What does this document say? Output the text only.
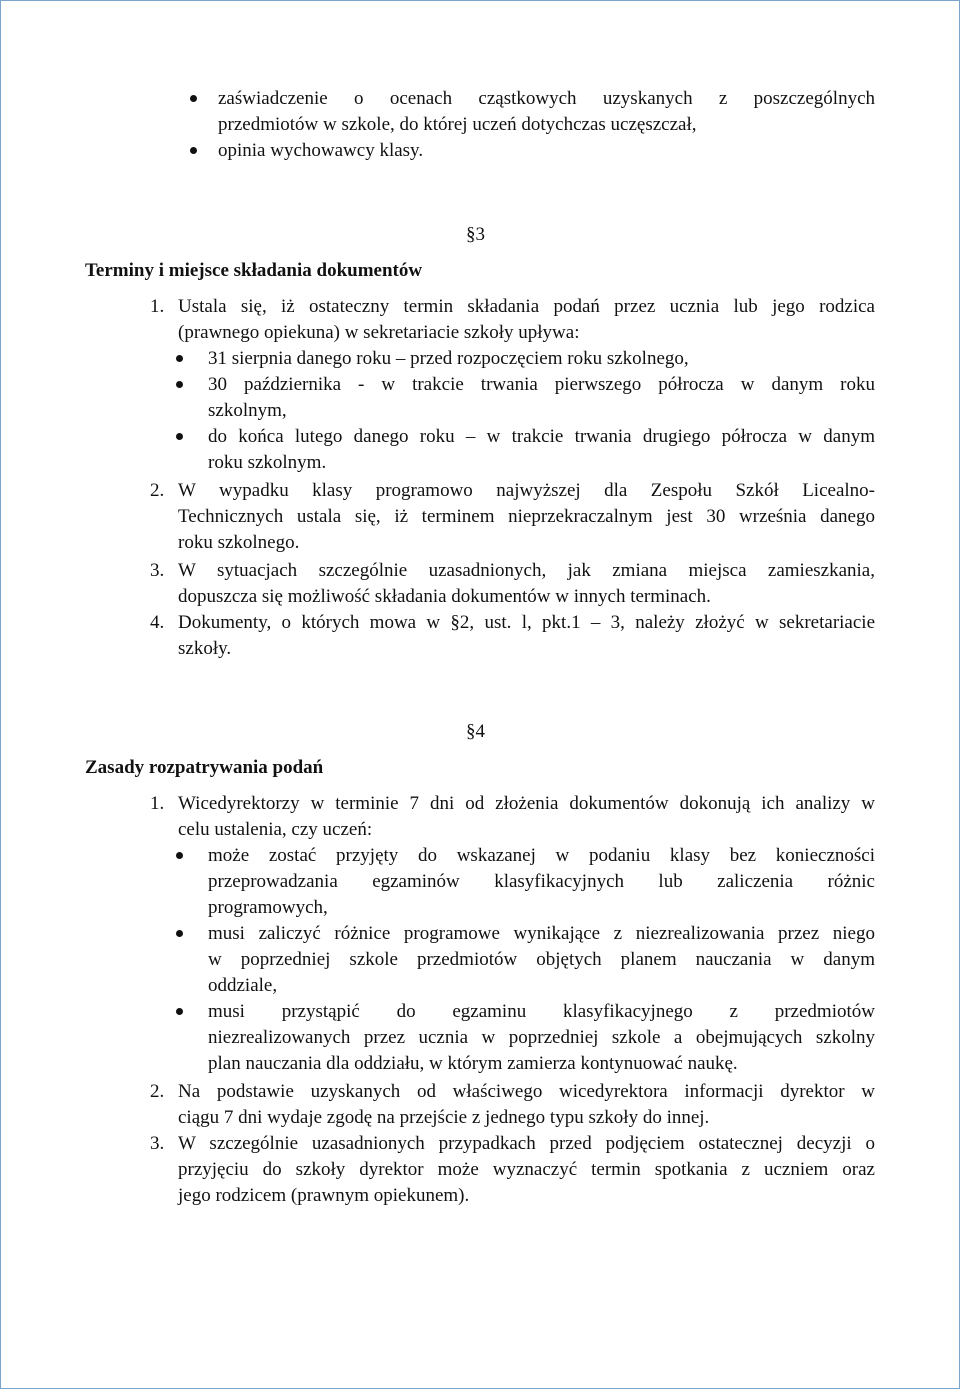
zaświadczenie o ocenach cząstkowych uzyskanych z poszczególnych
przedmiotów w szkole, do której uczeń dotychczas uczęszczał,
opinia wychowawcy klasy.
§3
Terminy i miejsce składania dokumentów
1. Ustala się, iż ostateczny termin składania podań przez ucznia lub jego rodzica
(prawnego opiekuna) w sekretariacie szkoły upływa:
31 sierpnia danego roku – przed rozpoczęciem roku szkolnego,
30 października - w trakcie trwania pierwszego półrocza w danym roku
szkolnym,
do końca lutego danego roku – w trakcie trwania drugiego półrocza w danym
roku szkolnym.
2. W wypadku klasy programowo najwyższej dla Zespołu Szkół Licealno-
Technicznych ustala się, iż terminem nieprzekraczalnym jest 30 września danego
roku szkolnego.
3. W sytuacjach szczególnie uzasadnionych, jak zmiana miejsca zamieszkania,
dopuszcza się możliwość składania dokumentów w innych terminach.
4. Dokumenty, o których mowa w §2, ust. l, pkt.1 – 3, należy złożyć w sekretariacie
szkoły.
§4
Zasady rozpatrywania podań
1. Wicedyrektorzy w terminie 7 dni od złożenia dokumentów dokonują ich analizy w
celu ustalenia, czy uczeń:
może zostać przyjęty do wskazanej w podaniu klasy bez konieczności
przeprowadzania egzaminów klasyfikacyjnych lub zaliczenia różnic
programowych,
musi zaliczyć różnice programowe wynikające z niezrealizowania przez niego
w poprzedniej szkole przedmiotów objętych planem nauczania w danym
oddziale,
musi przystąpić do egzaminu klasyfikacyjnego z przedmiotów
niezrealizowanych przez ucznia w poprzedniej szkole a obejmujących szkolny
plan nauczania dla oddziału, w którym zamierza kontynuować naukę.
2. Na podstawie uzyskanych od właściwego wicedyrektora informacji dyrektor w
ciągu 7 dni wydaje zgodę na przejście z jednego typu szkoły do innej.
3. W szczególnie uzasadnionych przypadkach przed podjęciem ostatecznej decyzji o
przyjęciu do szkoły dyrektor może wyznaczyć termin spotkania z uczniem oraz
jego rodzicem (prawnym opiekunem).
